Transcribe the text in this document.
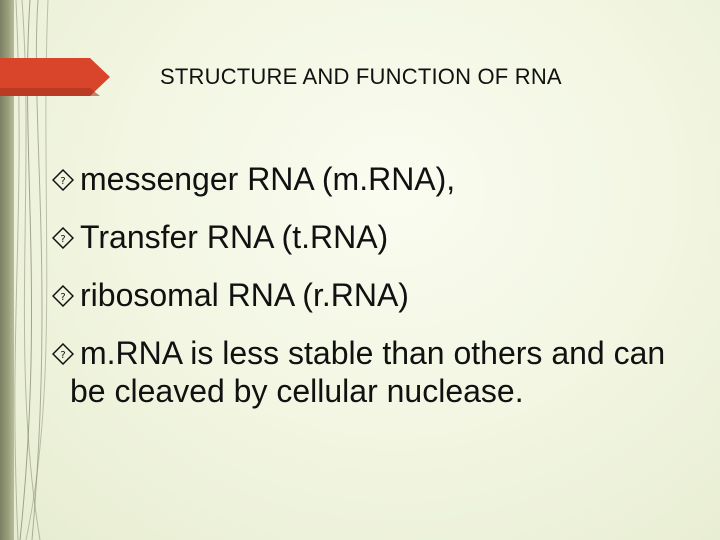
STRUCTURE AND FUNCTION OF RNA
? messenger RNA (m.RNA),
? Transfer RNA (t.RNA)
? ribosomal RNA (r.RNA)
? m.RNA is less stable than others and can be cleaved by cellular nuclease.
